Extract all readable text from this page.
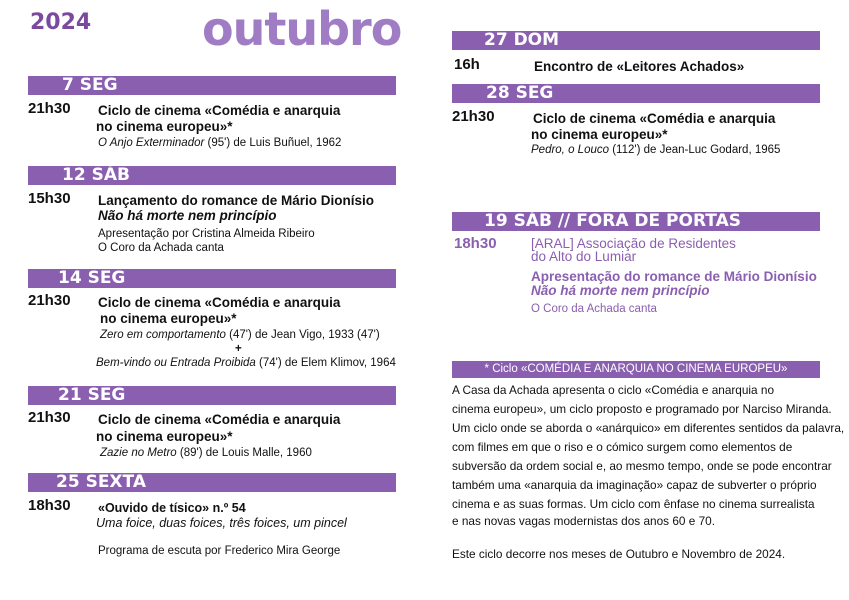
2024 outubro
7 SEG
21h30 Ciclo de cinema «Comédia e anarquia
no cinema europeu»*
O Anjo Exterminador (95') de Luis Buñuel, 1962
12 SÁB
15h30 Lançamento do romance de Mário Dionísio
Não há morte nem princípio
Apresentação por Cristina Almeida Ribeiro
O Coro da Achada canta
14 SEG
21h30 Ciclo de cinema «Comédia e anarquia
no cinema europeu»*
Zero em comportamento (47') de Jean Vigo, 1933 (47')
+
Bem-vindo ou Entrada Proibida (74') de Elem Klimov, 1964
21 SEG
21h30 Ciclo de cinema «Comédia e anarquia
no cinema europeu»*
Zazie no Metro (89') de Louis Malle, 1960
25 SEXTA
18h30 «Ouvido de tísico» n.º 54
Uma foice, duas foices, três foices, um pincel
Programa de escuta por Frederico Mira George
27 DOM
16h	Encontro de «Leitores Achados»
28 SEG
21h30	Ciclo de cinema «Comédia e anarquia
no cinema europeu»*
Pedro, o Louco (112') de Jean-Luc Godard, 1965
19 SÁB // FORA DE PORTAS
18h30	[ARAL] Associação de Residentes
do Alto do Lumiar
Apresentação do romance de Mário Dionísio
Não há morte nem princípio
O Coro da Achada canta
* Ciclo «COMÉDIA E ANARQUIA NO CINEMA EUROPEU»
A Casa da Achada apresenta o ciclo «Comédia e anarquia no
cinema europeu», um ciclo proposto e programado por Narciso Miranda.
Um ciclo onde se aborda o «anárquico» em diferentes sentidos da palavra,
com filmes em que o riso e o cómico surgem como elementos de
subversão da ordem social e, ao mesmo tempo, onde se pode encontrar
também uma «anarquia da imaginação» capaz de subverter o próprio
cinema e as suas formas. Um ciclo com ênfase no cinema surrealista
e nas novas vagas modernistas dos anos 60 e 70.
Este ciclo decorre nos meses de Outubro e Novembro de 2024.
